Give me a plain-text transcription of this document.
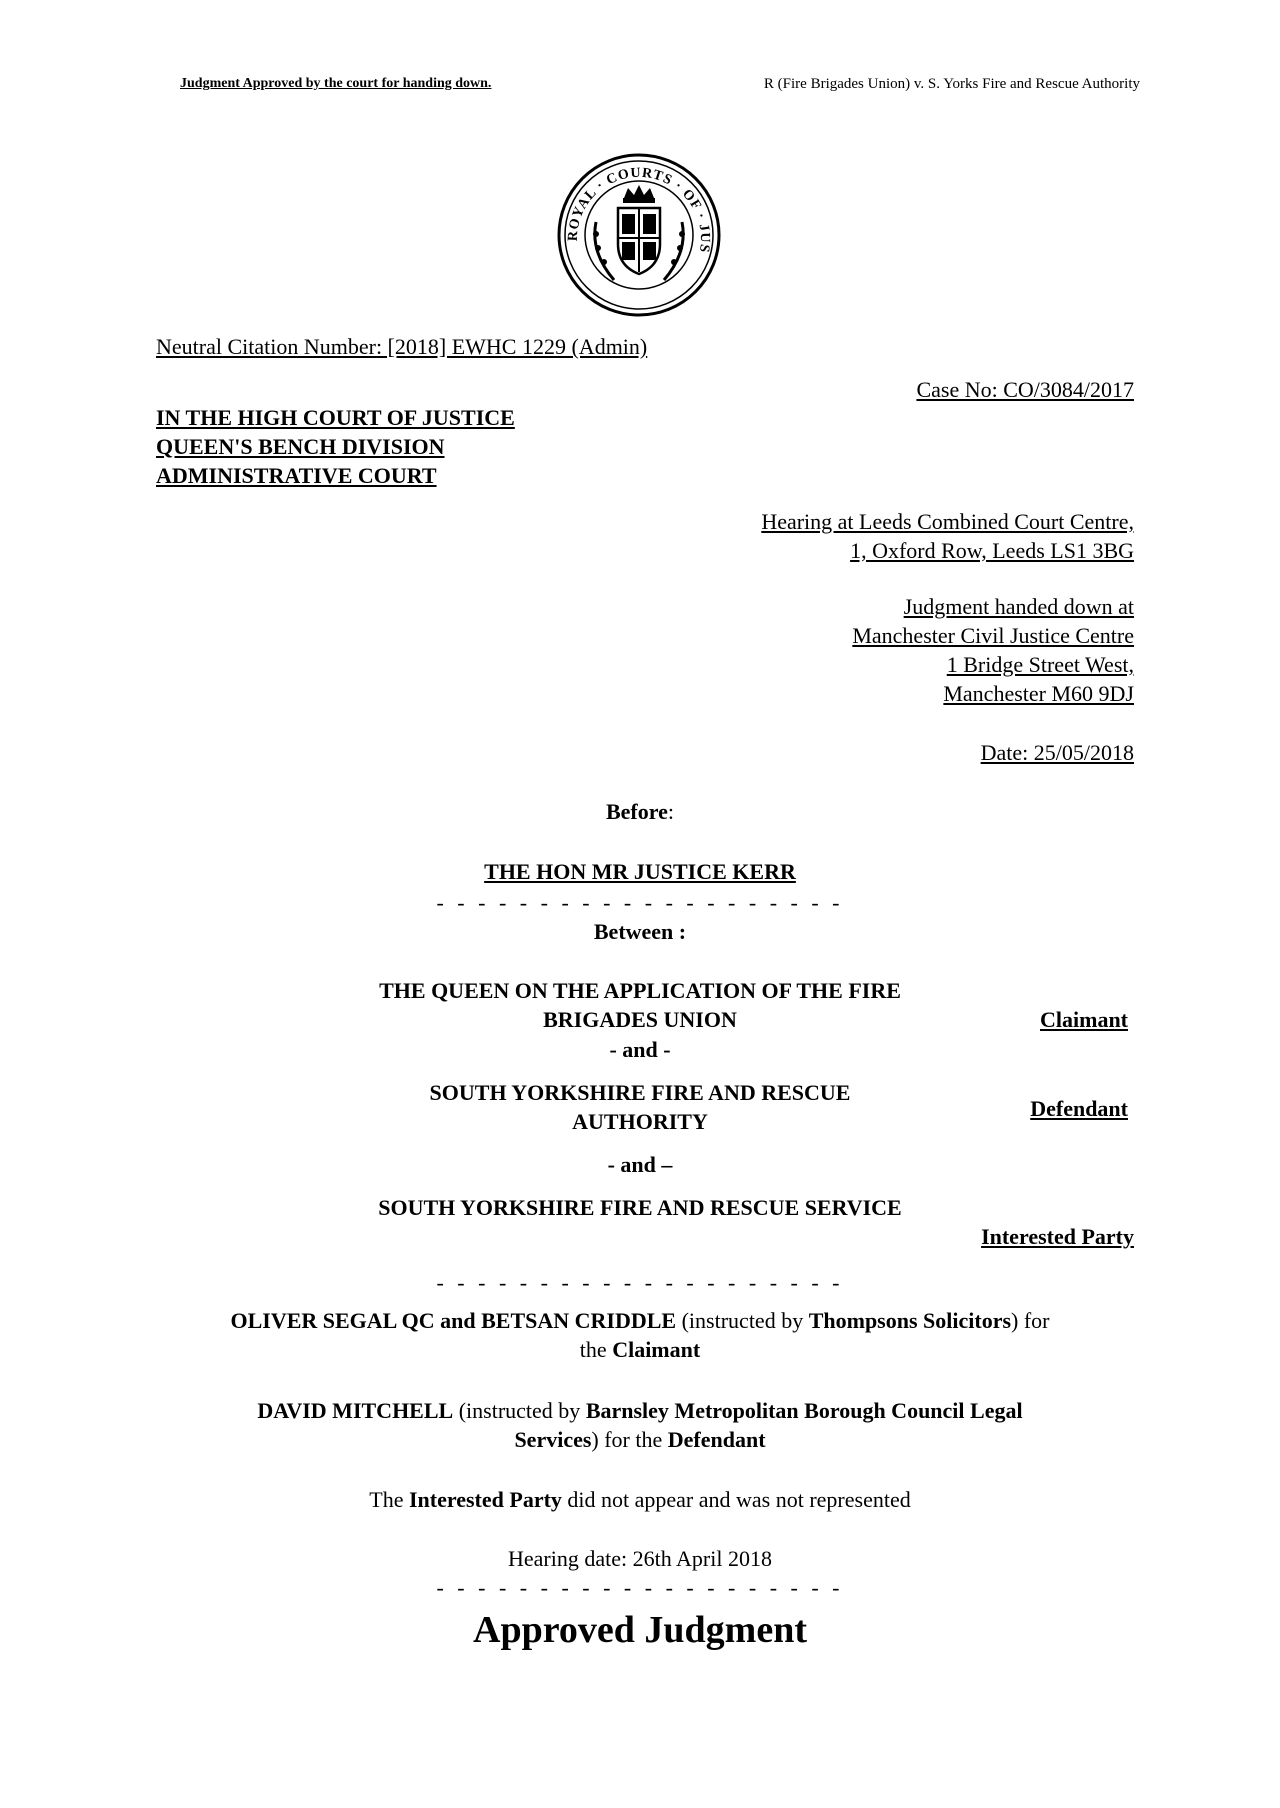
Judgment Approved by the court for handing down.	R (Fire Brigades Union) v. S. Yorks Fire and Rescue Authority
ROYAL · COURTS · OF · JUS
Neutral Citation Number: [2018] EWHC 1229 (Admin)
Case No: CO/3084/2017
IN THE HIGH COURT OF JUSTICE
QUEEN'S BENCH DIVISION
ADMINISTRATIVE COURT
Hearing at Leeds Combined Court Centre,
1, Oxford Row, Leeds LS1 3BG
Judgment handed down at
Manchester Civil Justice Centre
1 Bridge Street West,
Manchester M60 9DJ
Date: 25/05/2018
Before:
THE HON MR JUSTICE KERR
- - - - - - - - - - - - - - - - - - - -
Between :
THE QUEEN ON THE APPLICATION OF THE FIRE
BRIGADES UNION	Claimant
- and -
SOUTH YORKSHIRE FIRE AND RESCUE
AUTHORITY
Defendant
- and –
SOUTH YORKSHIRE FIRE AND RESCUE SERVICE
Interested Party
- - - - - - - - - - - - - - - - - - - -
OLIVER SEGAL QC and BETSAN CRIDDLE (instructed by Thompsons Solicitors) for
the Claimant
DAVID MITCHELL (instructed by Barnsley Metropolitan Borough Council Legal
Services) for the Defendant
The Interested Party did not appear and was not represented
Hearing date: 26th April 2018
- - - - - - - - - - - - - - - - - - - -
Approved Judgment
